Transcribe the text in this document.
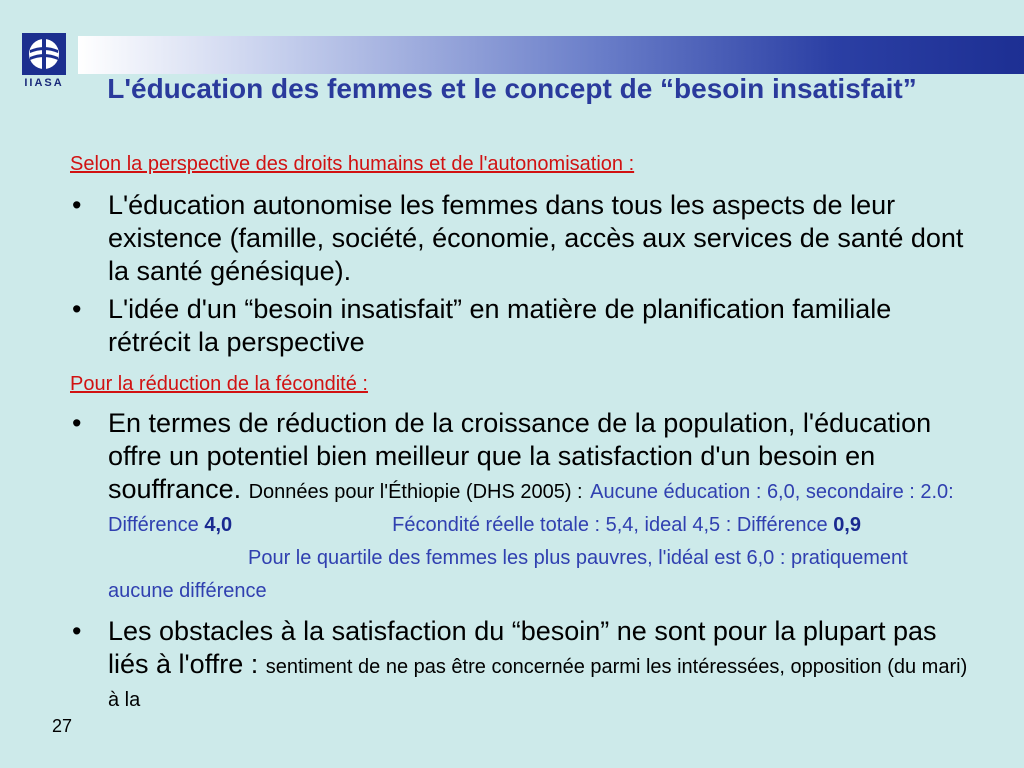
IIASA	L'éducation des femmes et le concept de “besoin insatisfait”

Selon la perspective des droits humains et de l'autonomisation :

• L'éducation autonomise les femmes dans tous les aspects de leur existence (famille, société, économie, accès aux services de santé dont la santé génésique).
• L'idée d'un “besoin insatisfait” en matière de planification familiale rétrécit la perspective

Pour la réduction de la fécondité :

• En termes de réduction de la croissance de la population, l'éducation offre un potentiel bien meilleur que la satisfaction d'un besoin en souffrance. Données pour l'Éthiopie (DHS 2005) : Aucune éducation : 6,0, secondaire : 2.0: Différence 4,0	Fécondité réelle totale : 5,4, ideal 4,5 : Différence 0,9Pour le quartile des femmes les plus pauvres, l'idéal est 6,0 : pratiquement aucune différence
• Les obstacles à la satisfaction du “besoin” ne sont pour la plupart pas liés à l'offre : sentiment de ne pas être concernée parmi les intéressées, opposition (du mari) à la
27
